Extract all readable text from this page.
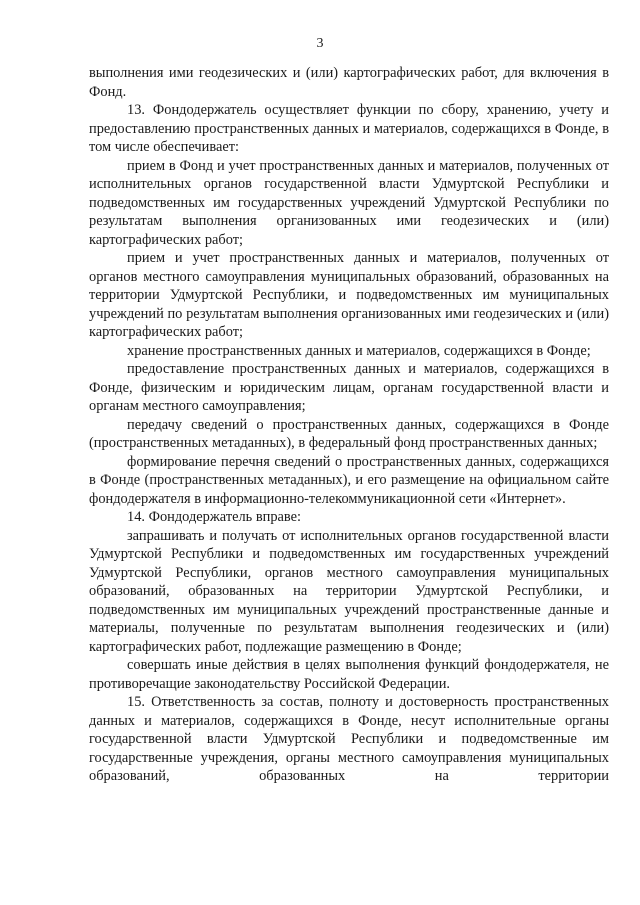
3

выполнения ими геодезических и (или) картографических работ, для включения в Фонд.

13. Фондодержатель осуществляет функции по сбору, хранению, учету и предоставлению пространственных данных и материалов, содержащихся в Фонде, в том числе обеспечивает:

прием в Фонд и учет пространственных данных и материалов, полученных от исполнительных органов государственной власти Удмуртской Республики и подведомственных им государственных учреждений Удмуртской Республики по результатам выполнения организованных ими геодезических и (или) картографических работ;

прием и учет пространственных данных и материалов, полученных от органов местного самоуправления муниципальных образований, образованных на территории Удмуртской Республики, и подведомственных им муниципальных учреждений по результатам выполнения организованных ими геодезических и (или) картографических работ;

хранение пространственных данных и материалов, содержащихся в Фонде;

предоставление пространственных данных и материалов, содержащихся в Фонде, физическим и юридическим лицам, органам государственной власти и органам местного самоуправления;

передачу сведений о пространственных данных, содержащихся в Фонде (пространственных метаданных), в федеральный фонд пространственных данных;

формирование перечня сведений о пространственных данных, содержащихся в Фонде (пространственных метаданных), и его размещение на официальном сайте фондодержателя в информационно-телекоммуникационной сети «Интернет».

14. Фондодержатель вправе:

запрашивать и получать от исполнительных органов государственной власти Удмуртской Республики и подведомственных им государственных учреждений Удмуртской Республики, органов местного самоуправления муниципальных образований, образованных на территории Удмуртской Республики, и подведомственных им муниципальных учреждений пространственные данные и материалы, полученные по результатам выполнения геодезических и (или) картографических работ, подлежащие размещению в Фонде;

совершать иные действия в целях выполнения функций фондодержателя, не противоречащие законодательству Российской Федерации.

15. Ответственность за состав, полноту и достоверность пространственных данных и материалов, содержащихся в Фонде, несут исполнительные органы государственной власти Удмуртской Республики и подведомственные им государственные учреждения, органы местного самоуправления муниципальных образований, образованных на территории
